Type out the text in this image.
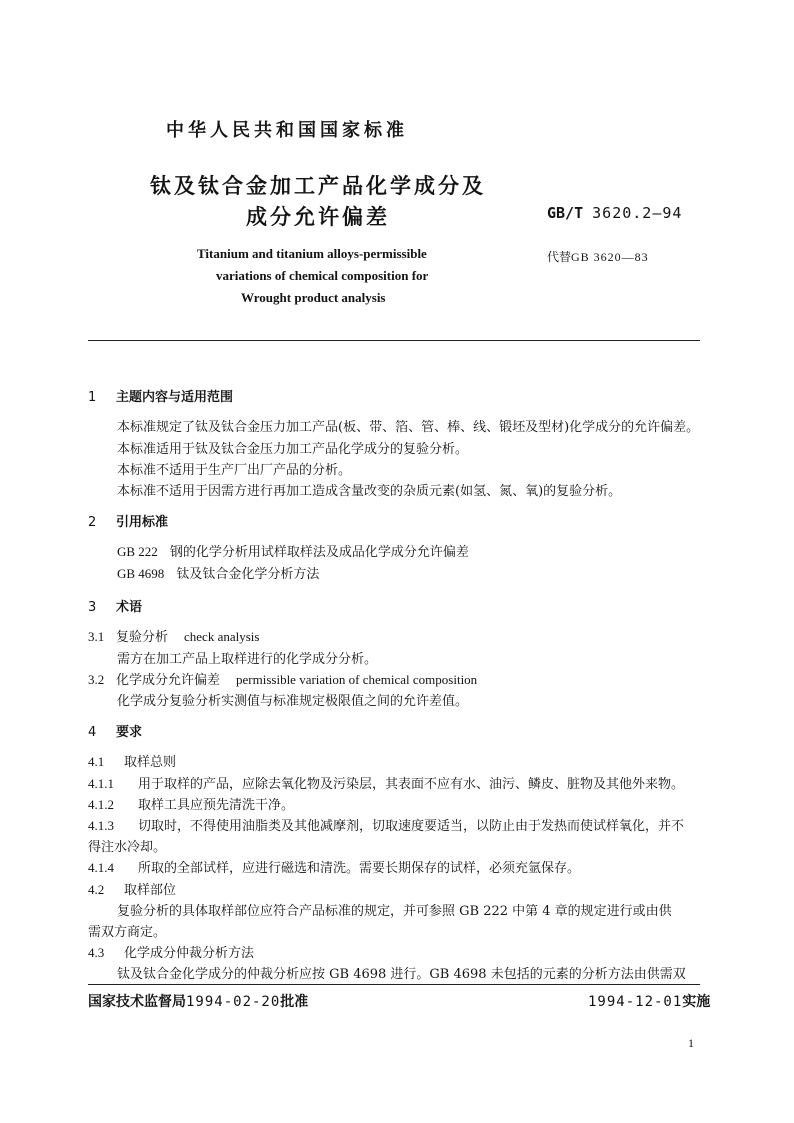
中华人民共和国国家标准
钛及钛合金加工产品化学成分及
成分允许偏差	GB/T 3620.2—94
代替GB 3620—83
Titanium and titanium alloys-permissible
variations of chemical composition for
Wrought product analysis
1 主题内容与适用范围
本标准规定了钛及钛合金压力加工产品(板、带、箔、管、棒、线、锻坯及型材)化学成分的允许偏差。
本标准适用于钛及钛合金压力加工产品化学成分的复验分析。
本标准不适用于生产厂出厂产品的分析。
本标准不适用于因需方进行再加工造成含量改变的杂质元素(如氢、氮、氧)的复验分析。
2 引用标准
GB 222 钢的化学分析用试样取样法及成品化学成分允许偏差
GB 4698 钛及钛合金化学分析方法
3 术语
3.1 复验分析 check analysis
需方在加工产品上取样进行的化学成分分析。
3.2 化学成分允许偏差 permissible variation of chemical composition
化学成分复验分析实测值与标准规定极限值之间的允许差值。
4 要求
4.1 取样总则
4.1.1 用于取样的产品，应除去氧化物及污染层，其表面不应有水、油污、鳞皮、脏物及其他外来物。
4.1.2 取样工具应预先清洗干净。
4.1.3 切取时，不得使用油脂类及其他减摩剂，切取速度要适当，以防止由于发热而使试样氧化，并不
得注水冷却。
4.1.4 所取的全部试样，应进行磁选和清洗。需要长期保存的试样，必须充氩保存。
4.2 取样部位
复验分析的具体取样部位应符合产品标准的规定，并可参照 GB 222 中第 4 章的规定进行或由供
需双方商定。
4.3 化学成分仲裁分析方法
钛及钛合金化学成分的仲裁分析应按 GB 4698 进行。GB 4698 未包括的元素的分析方法由供需双
国家技术监督局1994-02-20批准	1994-12-01实施
1
